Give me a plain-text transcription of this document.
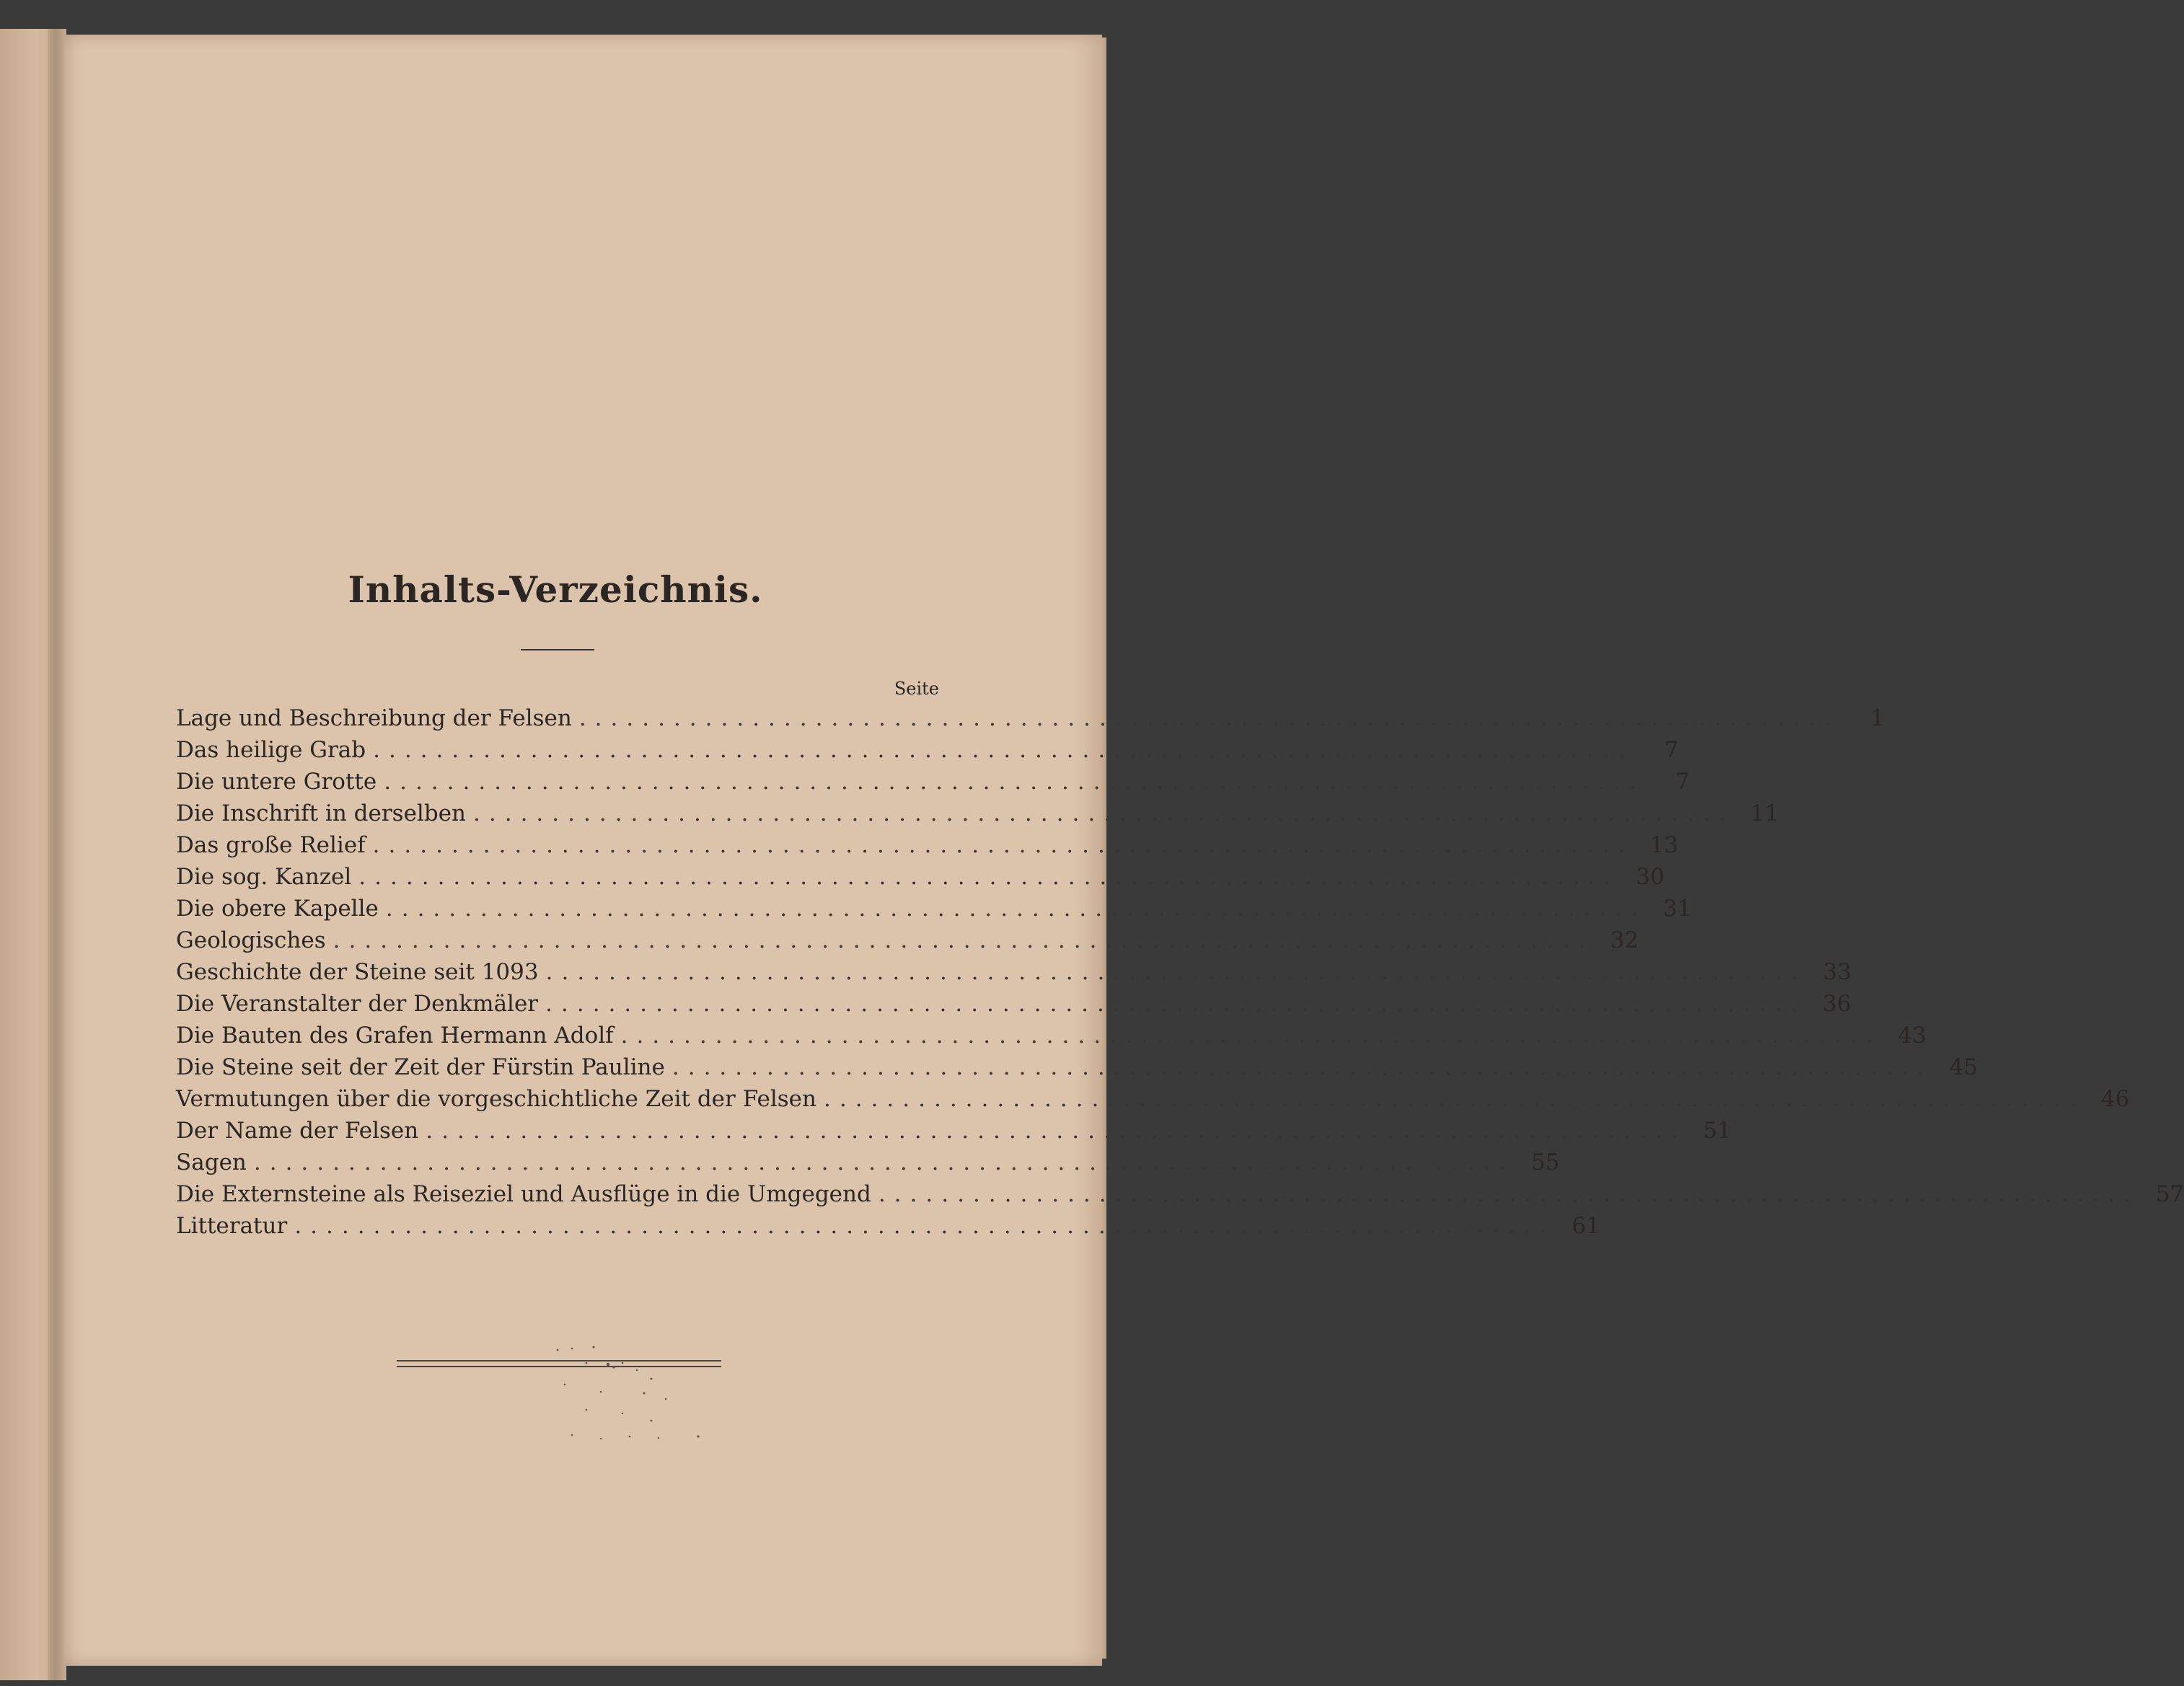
Inhalts-Verzeichnis.
Seite
Lage und Beschreibung der Felsen ................................................................................	1
Das heilige Grab ................................................................................	7
Die untere Grotte ................................................................................	7
Die Inschrift in derselben ................................................................................ 11
Das große Relief ................................................................................ 13
Die sog. Kanzel ................................................................................ 30
Die obere Kapelle ................................................................................ 31
Geologisches ................................................................................ 32
Geschichte der Steine seit 1093 ................................................................................ 33
Die Veranstalter der Denkmäler ................................................................................ 36
Die Bauten des Grafen Hermann Adolf ................................................................................ 43
Die Steine seit der Zeit der Fürstin Pauline ................................................................................ 45
Vermutungen über die vorgeschichtliche Zeit der Felsen ................................................................................ 46
Der Name der Felsen ................................................................................ 51
Sagen ................................................................................ 55
Die Externsteine als Reiseziel und Ausflüge in die Umgegend ................................................................................ 57
Litteratur ................................................................................ 61
